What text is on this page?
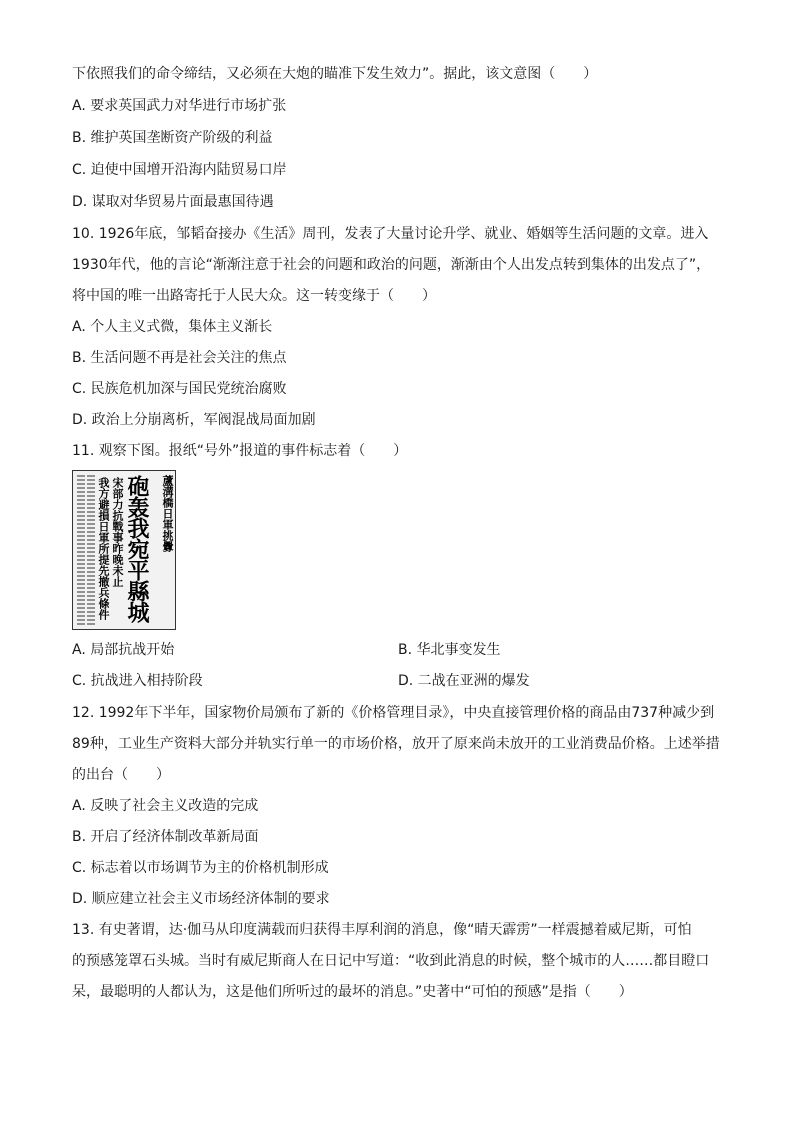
下依照我们的命令缔结，又必须在大炮的瞄准下发生效力”。据此，该文意图（　　）
A. 要求英国武力对华进行市场扩张
B. 维护英国垄断资产阶级的利益
C. 迫使中国增开沿海内陆贸易口岸
D. 谋取对华贸易片面最惠国待遇
10. 1926年底，邹韬奋接办《生活》周刊，发表了大量讨论升学、就业、婚姻等生活问题的文章。进入
1930年代，他的言论“渐渐注意于社会的问题和政治的问题，渐渐由个人出发点转到集体的出发点了”，
将中国的唯一出路寄托于人民大众。这一转变缘于（　　）
A. 个人主义式微，集体主义渐长
B. 生活问题不再是社会关注的焦点
C. 民族危机加深与国民党统治腐败
D. 政治上分崩离析，军阀混战局面加剧
11. 观察下图。报纸“号外”报道的事件标志着（　　）
A. 局部抗战开始	B. 华北事变发生
C. 抗战进入相持阶段	D. 二战在亚洲的爆发
12. 1992年下半年，国家物价局颁布了新的《价格管理目录》，中央直接管理价格的商品由737种减少到
89种，工业生产资料大部分并轨实行单一的市场价格，放开了原来尚未放开的工业消费品价格。上述举措
的出台（　　）
A. 反映了社会主义改造的完成
B. 开启了经济体制改革新局面
C. 标志着以市场调节为主的价格机制形成
D. 顺应建立社会主义市场经济体制的要求
13. 有史著谓，达·伽马从印度满载而归获得丰厚利润的消息，像“晴天霹雳”一样震撼着威尼斯，可怕
的预感笼罩石头城。当时有威尼斯商人在日记中写道：“收到此消息的时候，整个城市的人……都目瞪口
呆，最聪明的人都认为，这是他们所听过的最坏的消息。”史著中“可怕的预感”是指（　　）
我方避損日軍所提先撤兵條件 宋部力抗戰事昨晚未止 砲轰我宛平縣城 蘆溝橋日軍挑釁
